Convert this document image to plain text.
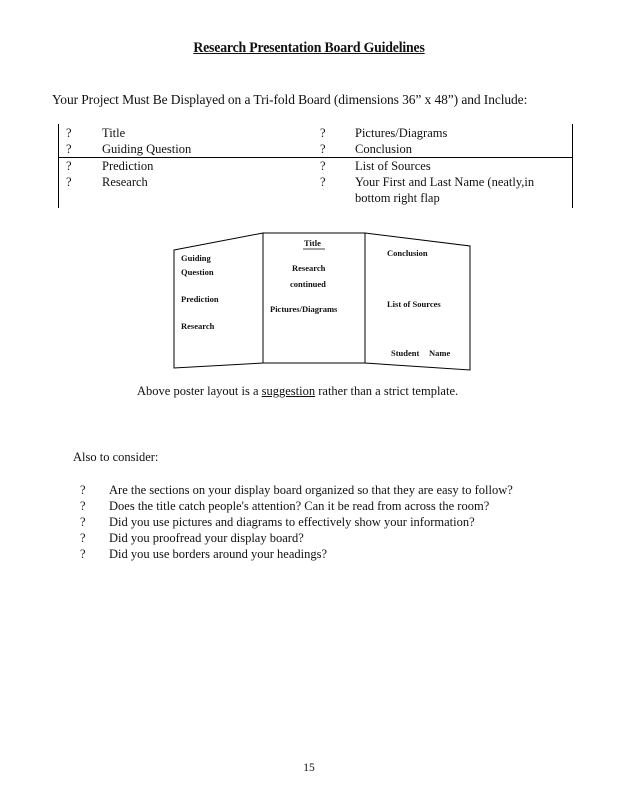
Research Presentation Board Guidelines
Your Project Must Be Displayed on a Tri-fold Board (dimensions 36” x 48”) and Include:
? Title	? Pictures/Diagrams
? Guiding Question	? Conclusion
? Prediction	? List of Sources
? Research	? Your First and Last Name (neatly,in
bottom right flap
Guiding
Question
Prediction
Research
Title
Research
continued
Pictures/Diagrams
Conclusion
List of Sources
Student Name
Above poster layout is a suggestion rather than a strict template.
Also to consider:
? Are the sections on your display board organized so that they are easy to follow?
? Does the title catch people's attention? Can it be read from across the room?
? Did you use pictures and diagrams to effectively show your information?
? Did you proofread your display board?
? Did you use borders around your headings?
15
